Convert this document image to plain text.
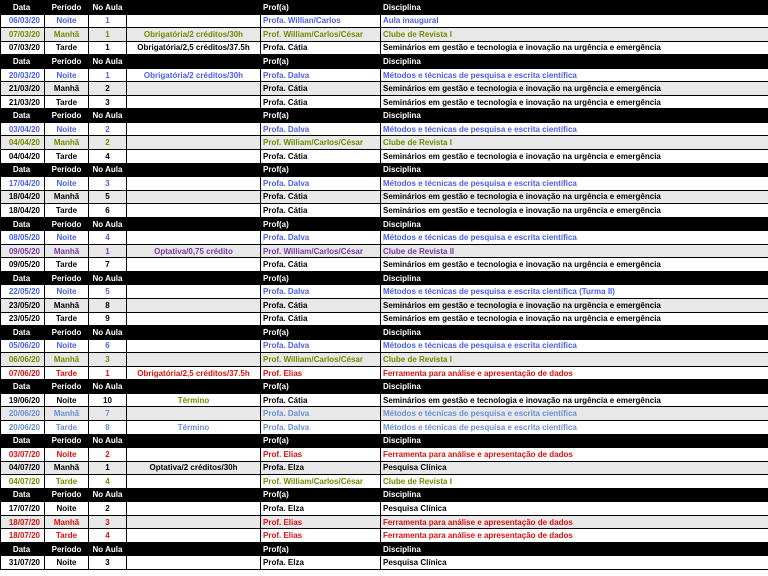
Data	Período	No Aula		Prof(a)	Disciplina
06/03/20	Noite	1		Profa. Willian/Carlos	Aula inaugural
07/03/20	Manhã	1	Obrigatória/2 créditos/30h	Prof. William/Carlos/César	Clube de Revista I
07/03/20	Tarde	1	Obrigatória/2,5 créditos/37.5h	Profa. Cátia	Seminários em gestão e tecnologia e inovação na urgência e emergência
Data	Período	No Aula		Prof(a)	Disciplina
20/03/20	Noite	1	Obrigatória/2 créditos/30h	Profa. Dalva	Métodos e técnicas de pesquisa e escrita científica
21/03/20	Manhã	2		Profa. Cátia	Seminários em gestão e tecnologia e inovação na urgência e emergência
21/03/20	Tarde	3		Profa. Cátia	Seminários em gestão e tecnologia e inovação na urgência e emergência
Data	Período	No Aula		Prof(a)	Disciplina
03/04/20	Noite	2		Profa. Dalva	Métodos e técnicas de pesquisa e escrita científica
04/04/20	Manhã	2		Prof. William/Carlos/César	Clube de Revista I
04/04/20	Tarde	4		Profa. Cátia	Seminários em gestão e tecnologia e inovação na urgência e emergência
Data	Período	No Aula		Prof(a)	Disciplina
17/04/20	Noite	3		Profa. Dalva	Métodos e técnicas de pesquisa e escrita científica
18/04/20	Manhã	5		Profa. Cátia	Seminários em gestão e tecnologia e inovação na urgência e emergência
18/04/20	Tarde	6		Profa. Cátia	Seminários em gestão e tecnologia e inovação na urgência e emergência
Data	Período	No Aula		Prof(a)	Disciplina
08/05/20	Noite	4		Profa. Dalva	Métodos e técnicas de pesquisa e escrita científica
09/05/20	Manhã	1	Optativa/0,75 crédito	Prof. William/Carlos/César	Clube de Revista II
09/05/20	Tarde	7		Profa. Cátia	Seminários em gestão e tecnologia e inovação na urgência e emergência
Data	Período	No Aula		Prof(a)	Disciplina
22/05/20	Noite	5		Profa. Dalva	Métodos e técnicas de pesquisa e escrita científica (Turma II)
23/05/20	Manhã	8		Profa. Cátia	Seminários em gestão e tecnologia e inovação na urgência e emergência
23/05/20	Tarde	9		Profa. Cátia	Seminários em gestão e tecnologia e inovação na urgência e emergência
Data	Período	No Aula		Prof(a)	Disciplina
05/06/20	Noite	6		Profa. Dalva	Métodos e técnicas de pesquisa e escrita científica
06/06/20	Manhã	3		Prof. William/Carlos/César	Clube de Revista I
07/06/20	Tarde	1	Obrigatória/2,5 créditos/37.5h	Prof. Elias	Ferramenta para análise e apresentação de dados
Data	Período	No Aula		Prof(a)	Disciplina
19/06/20	Noite	10	Término	Profa. Cátia	Seminários em gestão e tecnologia e inovação na urgência e emergência
20/06/20	Manhã	7		Profa. Dalva	Métodos e técnicas de pesquisa e escrita científica
20/06/20	Tarde	8	Término	Profa. Dalva	Métodos e técnicas de pesquisa e escrita científica
Data	Período	No Aula		Prof(a)	Disciplina
03/07/20	Noite	2		Prof. Elias	Ferramenta para análise e apresentação de dados
04/07/20	Manhã	1	Optativa/2 créditos/30h	Profa. Elza	Pesquisa Clínica
04/07/20	Tarde	4		Prof. William/Carlos/César	Clube de Revista I
Data	Período	No Aula		Prof(a)	Disciplina
17/07/20	Noite	2		Profa. Elza	Pesquisa Clínica
18/07/20	Manhã	3		Prof. Elias	Ferramenta para análise e apresentação de dados
18/07/20	Tarde	4		Prof. Elias	Ferramenta para análise e apresentação de dados
Data	Período	No Aula		Prof(a)	Disciplina
31/07/20	Noite	3		Profa. Elza	Pesquisa Clínica
